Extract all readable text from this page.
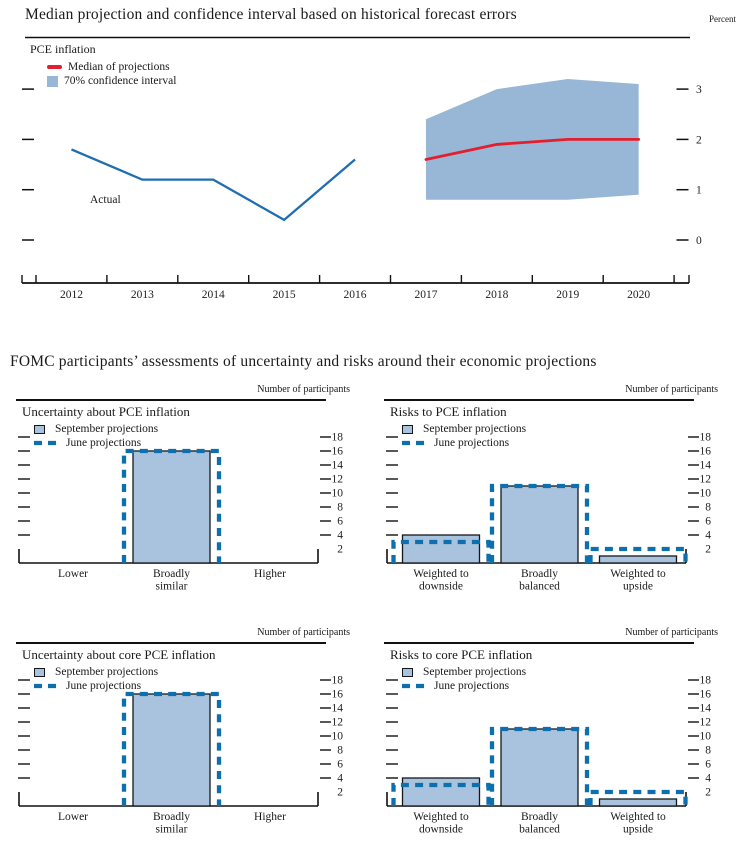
Median projection and confidence interval based on historical forecast errors	Percent
2012	2013	2014	2015	2016	2017	2018	2019	2020
0
1
2
3
PCE inflation
Median of projections
70% confidence interval
Actual
FOMC participants’ assessments of uncertainty and risks around their economic projections
2
4
6
8
10
12
14
16
18
Lower	Broadly similar
Higher
Number of participants
Uncertainty about PCE inflation
September projections
June projections
2
4
6
8
10
12
14
16
18
Weighted to downside
Broadly balanced
Weighted to upside
Number of participants
Risks to PCE inflation
September projections
June projections
2
4
6
8
10
12
14
16
18
Lower	Broadly similar
Higher
Number of participants
Uncertainty about core PCE inflation
September projections
June projections
2
4
6
8
10
12
14
16
18
Weighted to downside
Broadly balanced
Weighted to upside
Number of participants
Risks to core PCE inflation
September projections
June projections
